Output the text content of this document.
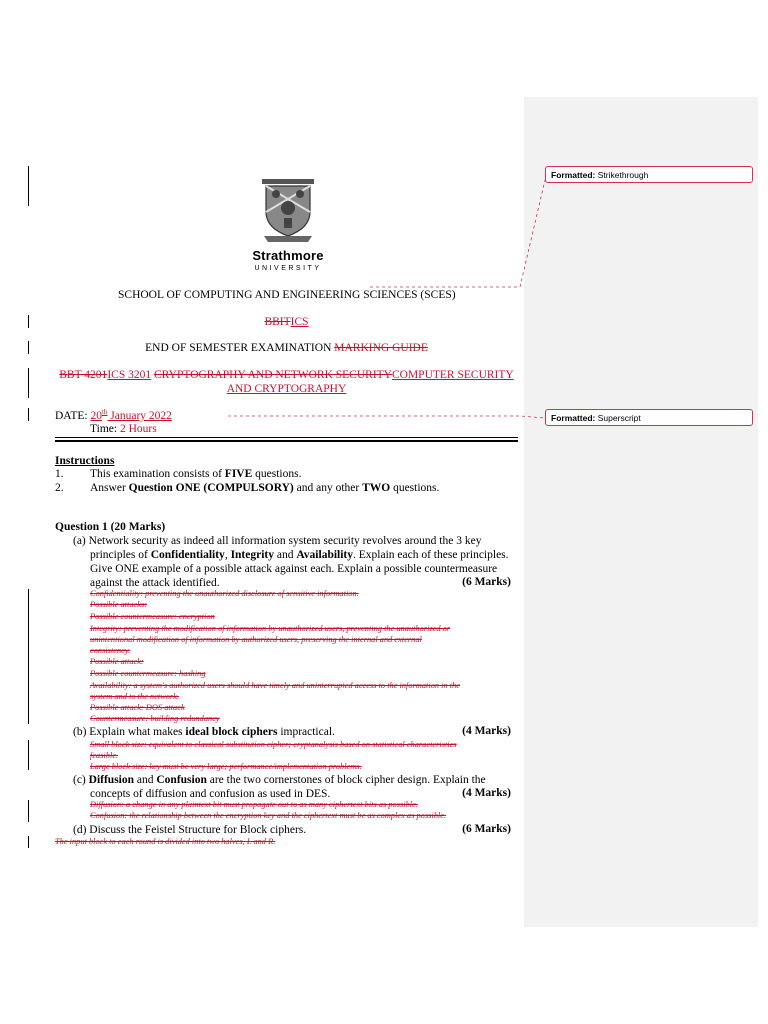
Formatted: Strikethrough
Formatted: Superscript
Strathmore
UNIVERSITY
SCHOOL OF COMPUTING AND ENGINEERING SCIENCES (SCES)
BBITICS
END OF SEMESTER EXAMINATION MARKING GUIDE
BBT 4201ICS 3201 CRYPTOGRAPHY AND NETWORK SECURITYCOMPUTER SECURITY
AND CRYPTOGRAPHY
DATE: 20th January 2022
Time: 2 Hours
Instructions
1. This examination consists of FIVE questions.
2. Answer Question ONE (COMPULSORY) and any other TWO questions.
Question 1 (20 Marks)
(a) Network security as indeed all information system security revolves around the 3 key
principles of Confidentiality, Integrity and Availability. Explain each of these principles.
Give ONE example of a possible attack against each. Explain a possible countermeasure
against the attack identified.	(6 Marks)
Confidentiality: preventing the unauthorized disclosure of sensitive information.
Possible attacks:
Possible countermeasure: encryption
Integrity: preventing the modification of information by unauthorized users, preventing the unauthorized or
unintentional modification of information by authorized users, preserving the internal and external
consistency.
Possible attack:
Possible countermeasure: hashing
Availability: a system's authorized users should have timely and uninterrupted access to the information in the
system and to the network.
Possible attack: DOS attack
Countermeasure: building redundancy
(b) Explain what makes ideal block ciphers impractical.	(4 Marks)
Small block size: equivalent to classical substitution cipher; cryptanalysis based on statistical characteristics
feasible.
Large block size: key must be very large; performance/implementation problems.
(c) Diffusion and Confusion are the two cornerstones of block cipher design. Explain the
concepts of diffusion and confusion as used in DES.	(4 Marks)
Diffusion: a change in any plaintext bit must propagate out to as many ciphertext bits as possible.
Confusion: the relationship between the encryption key and the ciphertext must be as complex as possible.
(d) Discuss the Feistel Structure for Block ciphers.	(6 Marks)
The input block to each round is divided into two halves, L and R.
